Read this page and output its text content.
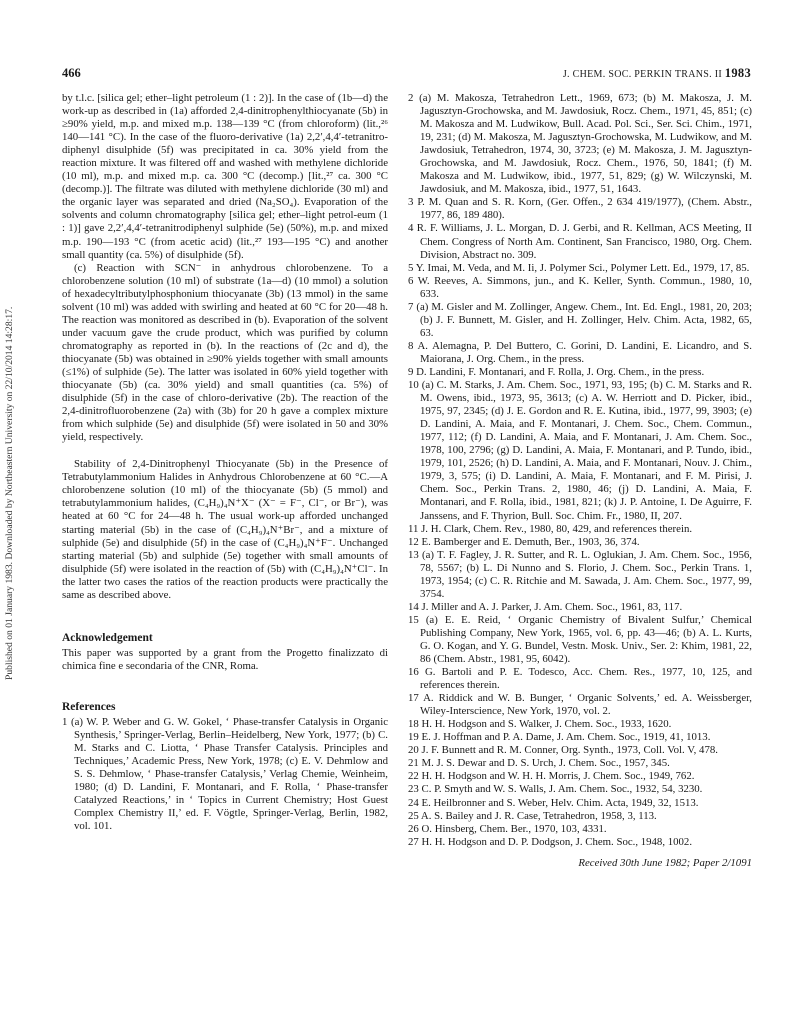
Published on 01 January 1983. Downloaded by Northeastern University on 22/10/2014 14:28:17.
466	J. CHEM. SOC. PERKIN TRANS. II 1983

by t.l.c. [silica gel; ether–light petroleum (1 : 2)]. In the case of (1b—d) the work-up as described in (1a) afforded 2,4-dinitrophenylthiocyanate (5b) in ≥90% yield, m.p. and mixed m.p. 138—139 °C (from chloroform) (lit.,²⁶ 140—141 °C). In the case of the fluoro-derivative (1a) 2,2′,4,4′-tetranitro-diphenyl disulphide (5f) was precipitated in ca. 30% yield from the reaction mixture. It was filtered off and washed with methylene dichloride (10 ml), m.p. and mixed m.p. ca. 300 °C (decomp.) [lit.,²⁷ ca. 300 °C (decomp.)]. The filtrate was diluted with methylene dichloride (30 ml) and the organic layer was separated and dried (Na₂SO₄). Evaporation of the solvents and column chromatography [silica gel; ether–light petrol-eum (1 : 1)] gave 2,2′,4,4′-tetranitrodiphenyl sulphide (5e) (50%), m.p. and mixed m.p. 190—193 °C (from acetic acid) (lit.,²⁷ 193—195 °C) and another small quantity (ca. 5%) of disulphide (5f).

(c) Reaction with SCN⁻ in anhydrous chlorobenzene. To a chlorobenzene solution (10 ml) of substrate (1a—d) (10 mmol) a solution of hexadecyltributylphosphonium thiocyanate (3b) (13 mmol) in the same solvent (10 ml) was added with swirling and heated at 60 °C for 20—48 h. The reaction was monitored as described in (b). Evaporation of the solvent under vacuum gave the crude product, which was purified by column chromatography as reported in (b). In the reactions of (2c and d), the thiocyanate (5b) was obtained in ≥90% yields together with small amounts (≤1%) of sulphide (5e). The latter was isolated in 60% yield together with thiocyanate (5b) (ca. 30% yield) and small quantities (ca. 5%) of disulphide (5f) in the case of chloro-derivative (2b). The reaction of the 2,4-dinitrofluorobenzene (2a) with (3b) for 20 h gave a complex mixture from which sulphide (5e) and disulphide (5f) were isolated in 50 and 30% yield, respectively.

Stability of 2,4-Dinitrophenyl Thiocyanate (5b) in the Presence of Tetrabutylammonium Halides in Anhydrous Chlorobenzene at 60 °C.—A chlorobenzene solution (10 ml) of the thiocyanate (5b) (5 mmol) and tetrabutylammonium halides, (C₄H₉)₄N⁺X⁻ (X⁻ = F⁻, Cl⁻, or Br⁻), was heated at 60 °C for 24—48 h. The usual work-up afforded unchanged starting material (5b) in the case of (C₄H₉)₄N⁺Br⁻, and a mixture of sulphide (5e) and disulphide (5f) in the case of (C₄H₉)₄N⁺F⁻. Unchanged starting material (5b) and sulphide (5e) together with small amounts of disulphide (5f) were isolated in the reaction of (5b) with (C₄H₉)₄N⁺Cl⁻. In the latter two cases the ratios of the reaction products were practically the same as described above.

Acknowledgement

This paper was supported by a grant from the Progetto finalizzato di chimica fine e secondaria of the CNR, Roma.

References

1 (a) W. P. Weber and G. W. Gokel, ‘ Phase-transfer Catalysis in Organic Synthesis,’ Springer-Verlag, Berlin–Heidelberg, New York, 1977; (b) C. M. Starks and C. Liotta, ‘ Phase Transfer Catalysis. Principles and Techniques,’ Academic Press, New York, 1978; (c) E. V. Dehmlow and S. S. Dehmlow, ‘ Phase-transfer Catalysis,’ Verlag Chemie, Weinheim, 1980; (d) D. Landini, F. Montanari, and F. Rolla, ‘ Phase-transfer Catalyzed Reactions,’ in ‘ Topics in Current Chemistry; Host Guest Complex Chemistry II,’ ed. F. Vögtle, Springer-Verlag, Berlin, 1982, vol. 101.

2 (a) M. Makosza, Tetrahedron Lett., 1969, 673; (b) M. Makosza, J. M. Jagusztyn-Grochowska, and M. Jawdosiuk, Rocz. Chem., 1971, 45, 851; (c) M. Makosza and M. Ludwikow, Bull. Acad. Pol. Sci., Ser. Sci. Chim., 1971, 19, 231; (d) M. Makosza, M. Jagusztyn-Grochowska, M. Ludwikow, and M. Jawdosiuk, Tetrahedron, 1974, 30, 3723; (e) M. Makosza, J. M. Jagusztyn-Grochowska, and M. Jawdosiuk, Rocz. Chem., 1976, 50, 1841; (f) M. Makosza and M. Ludwikow, ibid., 1977, 51, 829; (g) W. Wilczynski, M. Jawdosiuk, and M. Makosza, ibid., 1977, 51, 1643.

3 P. M. Quan and S. R. Korn, (Ger. Offen., 2 634 419/1977), (Chem. Abstr., 1977, 86, 189 480).

4 R. F. Williams, J. L. Morgan, D. J. Gerbi, and R. Kellman, ACS Meeting, II Chem. Congress of North Am. Continent, San Francisco, 1980, Org. Chem. Division, Abstract no. 309.

5 Y. Imai, M. Veda, and M. Ii, J. Polymer Sci., Polymer Lett. Ed., 1979, 17, 85.

6 W. Reeves, A. Simmons, jun., and K. Keller, Synth. Commun., 1980, 10, 633.

7 (a) M. Gisler and M. Zollinger, Angew. Chem., Int. Ed. Engl., 1981, 20, 203; (b) J. F. Bunnett, M. Gisler, and H. Zollinger, Helv. Chim. Acta, 1982, 65, 63.

8 A. Alemagna, P. Del Buttero, C. Gorini, D. Landini, E. Licandro, and S. Maiorana, J. Org. Chem., in the press.

9 D. Landini, F. Montanari, and F. Rolla, J. Org. Chem., in the press.

10 (a) C. M. Starks, J. Am. Chem. Soc., 1971, 93, 195; (b) C. M. Starks and R. M. Owens, ibid., 1973, 95, 3613; (c) A. W. Herriott and D. Picker, ibid., 1975, 97, 2345; (d) J. E. Gordon and R. E. Kutina, ibid., 1977, 99, 3903; (e) D. Landini, A. Maia, and F. Montanari, J. Chem. Soc., Chem. Commun., 1977, 112; (f) D. Landini, A. Maia, and F. Montanari, J. Am. Chem. Soc., 1978, 100, 2796; (g) D. Landini, A. Maia, F. Montanari, and P. Tundo, ibid., 1979, 101, 2526; (h) D. Landini, A. Maia, and F. Montanari, Nouv. J. Chim., 1979, 3, 575; (i) D. Landini, A. Maia, F. Montanari, and F. M. Pirisi, J. Chem. Soc., Perkin Trans. 2, 1980, 46; (j) D. Landini, A. Maia, F. Montanari, and F. Rolla, ibid., 1981, 821; (k) J. P. Antoine, I. De Aguirre, F. Janssens, and F. Thyrion, Bull. Soc. Chim. Fr., 1980, II, 207.

11 J. H. Clark, Chem. Rev., 1980, 80, 429, and references therein.

12 E. Bamberger and E. Demuth, Ber., 1903, 36, 374.

13 (a) T. F. Fagley, J. R. Sutter, and R. L. Oglukian, J. Am. Chem. Soc., 1956, 78, 5567; (b) L. Di Nunno and S. Florio, J. Chem. Soc., Perkin Trans. 1, 1973, 1954; (c) C. R. Ritchie and M. Sawada, J. Am. Chem. Soc., 1977, 99, 3754.

14 J. Miller and A. J. Parker, J. Am. Chem. Soc., 1961, 83, 117.

15 (a) E. E. Reid, ‘ Organic Chemistry of Bivalent Sulfur,’ Chemical Publishing Company, New York, 1965, vol. 6, pp. 43—46; (b) A. L. Kurts, G. O. Kogan, and Y. G. Bundel, Vestn. Mosk. Univ., Ser. 2: Khim, 1981, 22, 86 (Chem. Abstr., 1981, 95, 6042).

16 G. Bartoli and P. E. Todesco, Acc. Chem. Res., 1977, 10, 125, and references therein.

17 A. Riddick and W. B. Bunger, ‘ Organic Solvents,’ ed. A. Weissberger, Wiley-Interscience, New York, 1970, vol. 2.

18 H. H. Hodgson and S. Walker, J. Chem. Soc., 1933, 1620.

19 E. J. Hoffman and P. A. Dame, J. Am. Chem. Soc., 1919, 41, 1013.

20 J. F. Bunnett and R. M. Conner, Org. Synth., 1973, Coll. Vol. V, 478.

21 M. J. S. Dewar and D. S. Urch, J. Chem. Soc., 1957, 345.

22 H. H. Hodgson and W. H. H. Morris, J. Chem. Soc., 1949, 762.

23 C. P. Smyth and W. S. Walls, J. Am. Chem. Soc., 1932, 54, 3230.

24 E. Heilbronner and S. Weber, Helv. Chim. Acta, 1949, 32, 1513.

25 A. S. Bailey and J. R. Case, Tetrahedron, 1958, 3, 113.

26 O. Hinsberg, Chem. Ber., 1970, 103, 4331.

27 H. H. Hodgson and D. P. Dodgson, J. Chem. Soc., 1948, 1002.

Received 30th June 1982; Paper 2/1091
